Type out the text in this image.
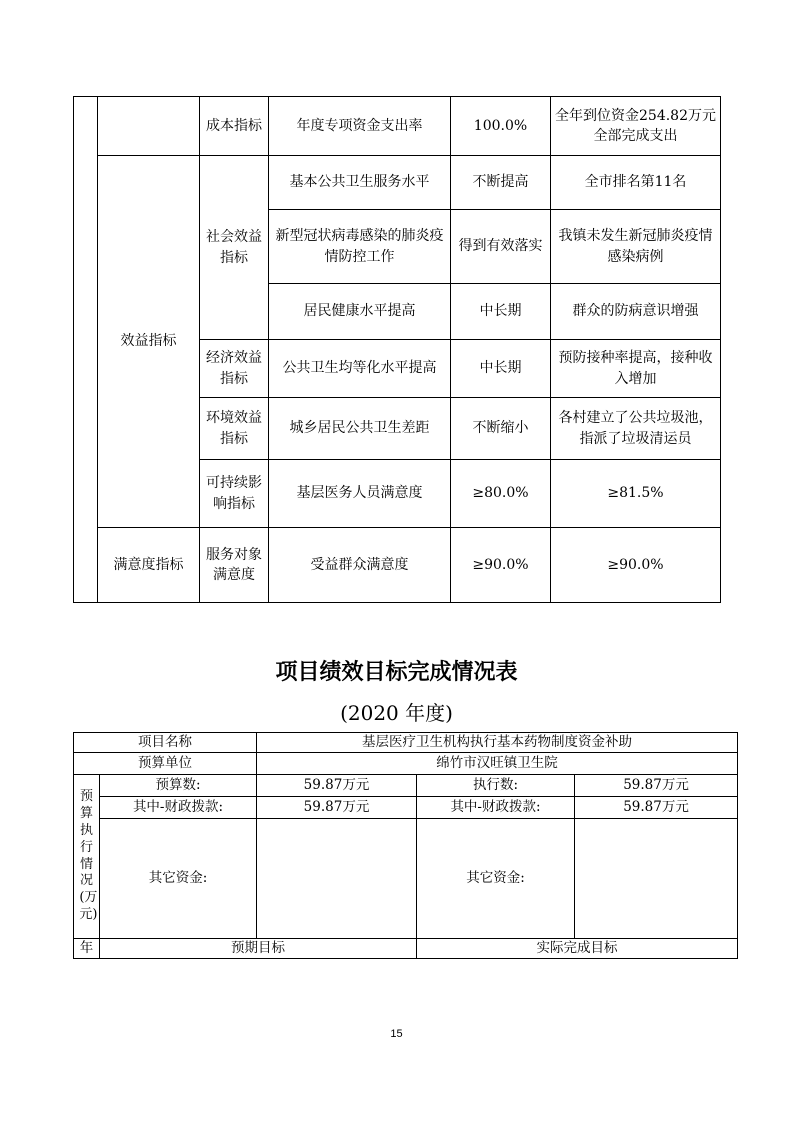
		成本指标	年度专项资金支出率	100.0%	全年到位资金254.82万元全部完成支出
	效益指标	社会效益指标	基本公共卫生服务水平	不断提高	全市排名第11名
			新型冠状病毒感染的肺炎疫情防控工作	得到有效落实	我镇未发生新冠肺炎疫情感染病例
			居民健康水平提高	中长期	群众的防病意识增强
		经济效益指标	公共卫生均等化水平提高	中长期	预防接种率提高，接种收入增加
		环境效益指标	城乡居民公共卫生差距	不断缩小	各村建立了公共垃圾池，指派了垃圾清运员
		可持续影响指标	基层医务人员满意度	≥80.0%	≥81.5%
	满意度指标	服务对象满意度	受益群众满意度	≥90.0%	≥90.0%
项目绩效目标完成情况表
(2020 年度)
项目名称		基层医疗卫生机构执行基本药物制度资金补助		
预算单位		绵竹市汉旺镇卫生院		

预算执行情况(万元)	预算数:	59.87万元	执行数:	59.87万元
	其中-财政拨款:	59.87万元	其中-财政拨款:	59.87万元
	其它资金:		其它资金:	
年	预期目标		实际完成目标	
15
